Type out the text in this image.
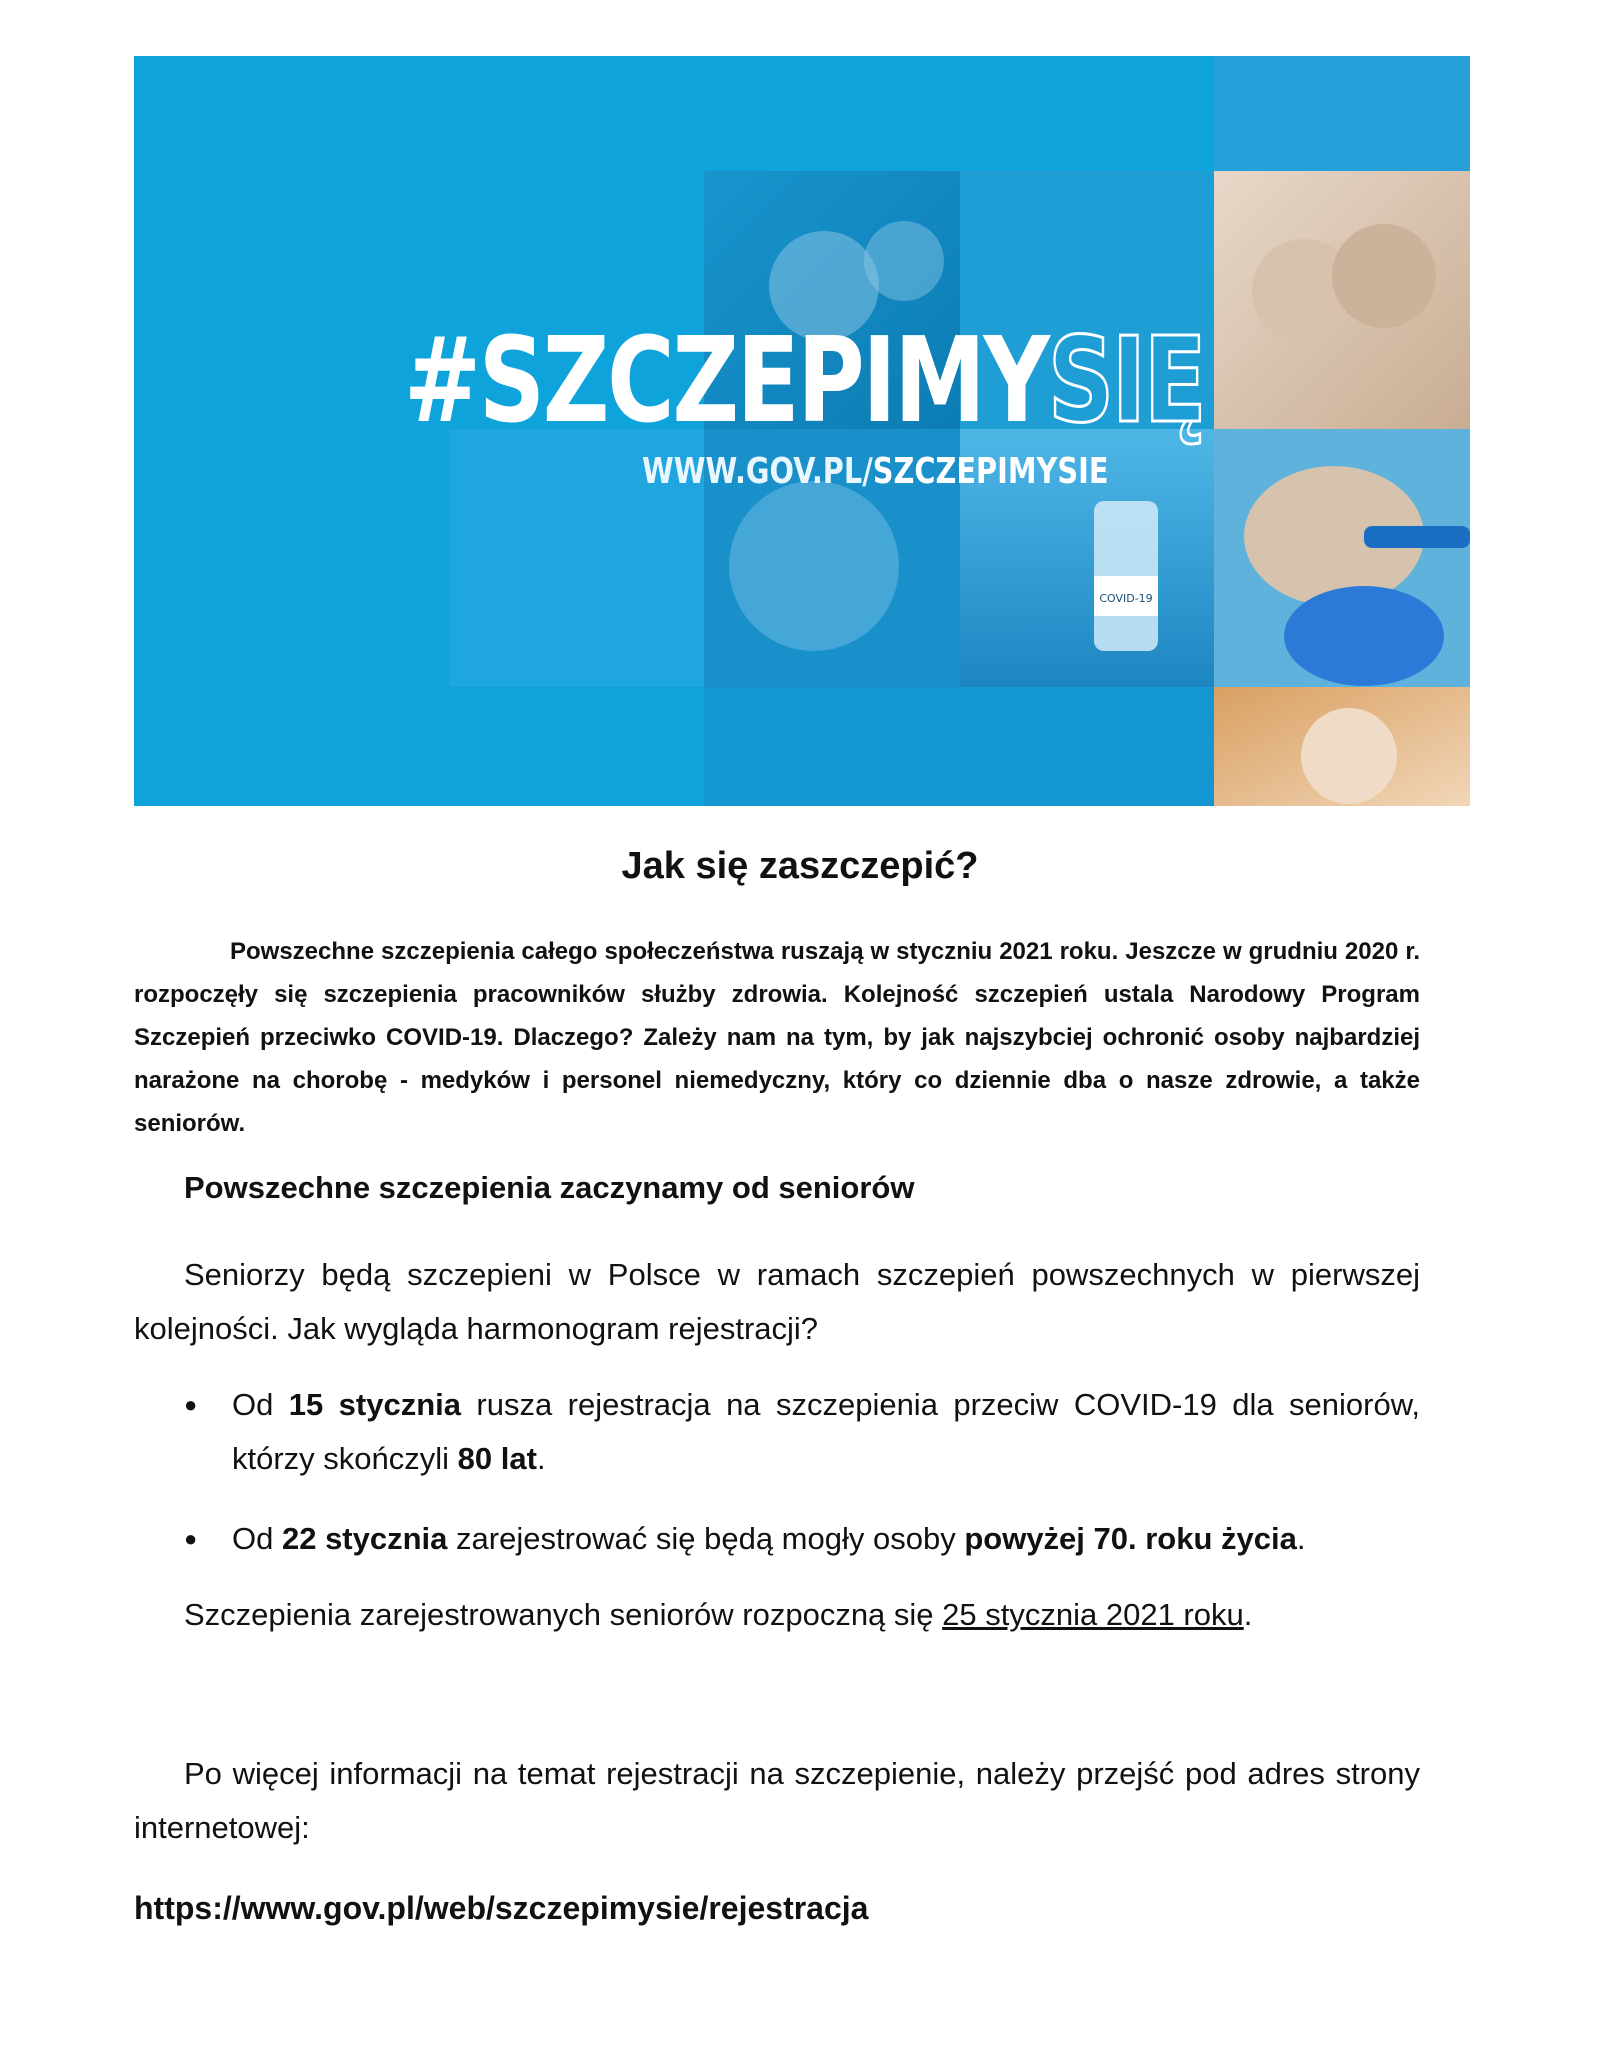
COVID-19
#SZCZEPIMYSIĘ
WWW.GOV.PL/SZCZEPIMYSIE
Jak się zaszczepić?

Powszechne szczepienia całego społeczeństwa ruszają w styczniu 2021 roku. Jeszcze w grudniu 2020 r. rozpoczęły się szczepienia pracowników służby zdrowia. Kolejność szczepień ustala Narodowy Program Szczepień przeciwko COVID-19. Dlaczego? Zależy nam na tym, by jak najszybciej ochronić osoby najbardziej narażone na chorobę - medyków i personel niemedyczny, który co dziennie dba o nasze zdrowie, a także seniorów.

Powszechne szczepienia zaczynamy od seniorów

Seniorzy będą szczepieni w Polsce w ramach szczepień powszechnych w pierwszej kolejności. Jak wygląda harmonogram rejestracji?

● Od 15 stycznia rusza rejestracja na szczepienia przeciw COVID-19 dla seniorów, którzy skończyli 80 lat.
● Od 22 stycznia zarejestrować się będą mogły osoby powyżej 70. roku życia.

Szczepienia zarejestrowanych seniorów rozpoczną się 25 stycznia 2021 roku.

Po więcej informacji na temat rejestracji na szczepienie, należy przejść pod adres strony internetowej:

https://www.gov.pl/web/szczepimysie/rejestracja
